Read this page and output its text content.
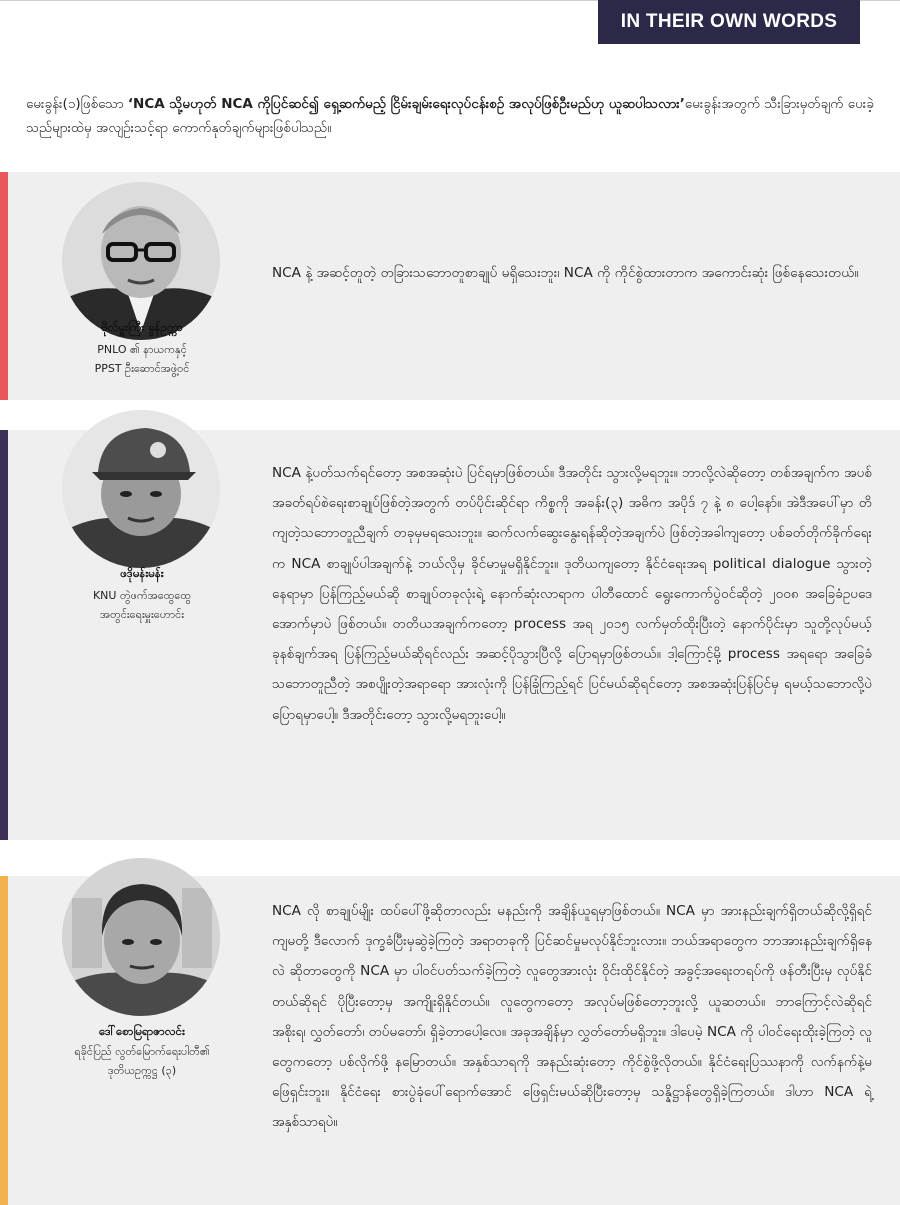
IN THEIR OWN WORDS

မေးခွန်း(၁)ဖြစ်သော ‘NCA သို့မဟုတ် NCA ကိုပြင်ဆင်၍ ရှေ့ဆက်မည့် ငြိမ်းချမ်းရေးလုပ်ငန်းစဉ် အလုပ်ဖြစ်ဦးမည်ဟု ယူဆပါသလား’မေးခွန်းအတွက် သီးခြားမှတ်ချက် ပေးခဲ့သည်များထဲမှ အလျဉ်းသင့်ရာ ကောက်နုတ်ချက်များဖြစ်ပါသည်။

ဗိုလ်မှူးကြီး ခွန်ဥက္ကာ
PNLO ၏ နာယကနှင့်
PPST ဦးဆောင်အဖွဲ့ဝင်

NCA နဲ့ အဆင့်တူတဲ့ တခြားသဘောတူစာချုပ် မရှိသေးဘူး၊ NCA ကို ကိုင်စွဲထားတာက အကောင်းဆုံး ဖြစ်နေသေးတယ်။

ဖဒိုမန်းမန်း
KNU တွဲဖက်အထွေထွေ
အတွင်းရေးမှူးဟောင်း

NCA နဲ့ပတ်သက်ရင်တော့ အစအဆုံးပဲ ပြင်ရမှာဖြစ်တယ်။ ဒီအတိုင်း သွားလို့မရဘူး။ ဘာလို့လဲဆိုတော့ တစ်အချက်က အပစ်အခတ်ရပ်စဲရေးစာချုပ်ဖြစ်တဲ့အတွက် တပ်ပိုင်းဆိုင်ရာ ကိစ္စကို အခန်း(၃) အဓိက အပိုဒ် ၇ နဲ့ ၈ ပေါ့နော်။ အဲဒီအပေါ်မှာ တိကျတဲ့သဘောတူညီချက် တခုမှမရသေးဘူး။ ဆက်လက်ဆွေးနွေးရန်ဆိုတဲ့အချက်ပဲ ဖြစ်တဲ့အခါကျတော့ ပစ်ခတ်တိုက်ခိုက်ရေးက NCA စာချုပ်ပါအချက်နဲ့ ဘယ်လိုမှ ခိုင်မာမှုမရှိနိုင်ဘူး။ ဒုတိယကျတော့ နိုင်ငံရေးအရ political dialogue သွားတဲ့နေရာမှာ ပြန်ကြည့်မယ်ဆို စာချုပ်တခုလုံးရဲ့ နောက်ဆုံးလာရာက ပါတီထောင် ရွေးကောက်ပွဲဝင်ဆိုတဲ့ ၂၀၀၈ အခြေခံဥပဒေအောက်မှာပဲ ဖြစ်တယ်။ တတိယအချက်ကတော့ process အရ ၂၀၁၅ လက်မှတ်ထိုးပြီးတဲ့ နောက်ပိုင်းမှာ သူတို့လုပ်မယ့် ခုနစ်ချက်အရ ပြန်ကြည့်မယ်ဆိုရင်လည်း အဆင့်ပိုသွားပြီလို့ ပြောရမှာဖြစ်တယ်။ ဒါ့ကြောင့်မို့ process အရရော အခြေခံသဘောတူညီတဲ့ အစပျိုးတဲ့အရာရော အားလုံးကို ပြန်ခြုံကြည့်ရင် ပြင်မယ်ဆိုရင်တော့ အစအဆုံးပြန်ပြင်မှ ရမယ့်သဘောလို့ပဲ ပြောရမှာပေါ့။ ဒီအတိုင်းတော့ သွားလို့မရဘူးပေါ့။

ဒေါ်စောမြရာဇာလင်း
ရခိုင်ပြည် လွတ်မြောက်ရေးပါတီ၏
ဒုတိယဥက္ကဋ္ဌ (၃)

NCA လို စာချုပ်မျိုး ထပ်ပေါ်ဖို့ဆိုတာလည်း မနည်းကို အချိန်ယူရမှာဖြစ်တယ်။ NCA မှာ အားနည်းချက်ရှိတယ်ဆိုလို့ရှိရင် ကျမတို့ ဒီလောက် ဒုက္ခခံပြီးမှဆွဲခဲ့ကြတဲ့ အရာတခုကို ပြင်ဆင်မှုမလုပ်နိုင်ဘူးလား။ ဘယ်အရာတွေက ဘာအားနည်းချက်ရှိနေလဲ ဆိုတာတွေကို NCA မှာ ပါဝင်ပတ်သက်ခဲ့ကြတဲ့ လူတွေအားလုံး ဝိုင်းထိုင်နိုင်တဲ့ အခွင့်အရေးတရပ်ကို ဖန်တီးပြီးမှ လုပ်နိုင်တယ်ဆိုရင် ပိုပြီးတော့မှ အကျိုးရှိနိုင်တယ်။ လူတွေကတော့ အလုပ်မဖြစ်တော့ဘူးလို့ ယူဆတယ်။ ဘာကြောင့်လဲဆိုရင် အစိုးရ၊ လွှတ်တော်၊ တပ်မတော်၊ ရှိခဲ့တာပေါ့လေ။ အခုအချိန်မှာ လွှတ်တော်မရှိဘူး။ ဒါပေမဲ့ NCA ကို ပါဝင်ရေးထိုးခဲ့ကြတဲ့ လူတွေကတော့ ပစ်လိုက်ဖို့ နမြောတယ်။ အနှစ်သာရကို အနည်းဆုံးတော့ ကိုင်စွဲဖို့လိုတယ်။ နိုင်ငံရေးပြဿနာကို လက်နက်နဲ့မဖြေရှင်းဘူး။ နိုင်ငံရေး စားပွဲခုံပေါ်ရောက်အောင် ဖြေရှင်းမယ်ဆိုပြီးတော့မှ သန္နိဋ္ဌာန်တွေရှိခဲ့ကြတယ်။ ဒါဟာ NCA ရဲ့ အနှစ်သာရပဲ။
